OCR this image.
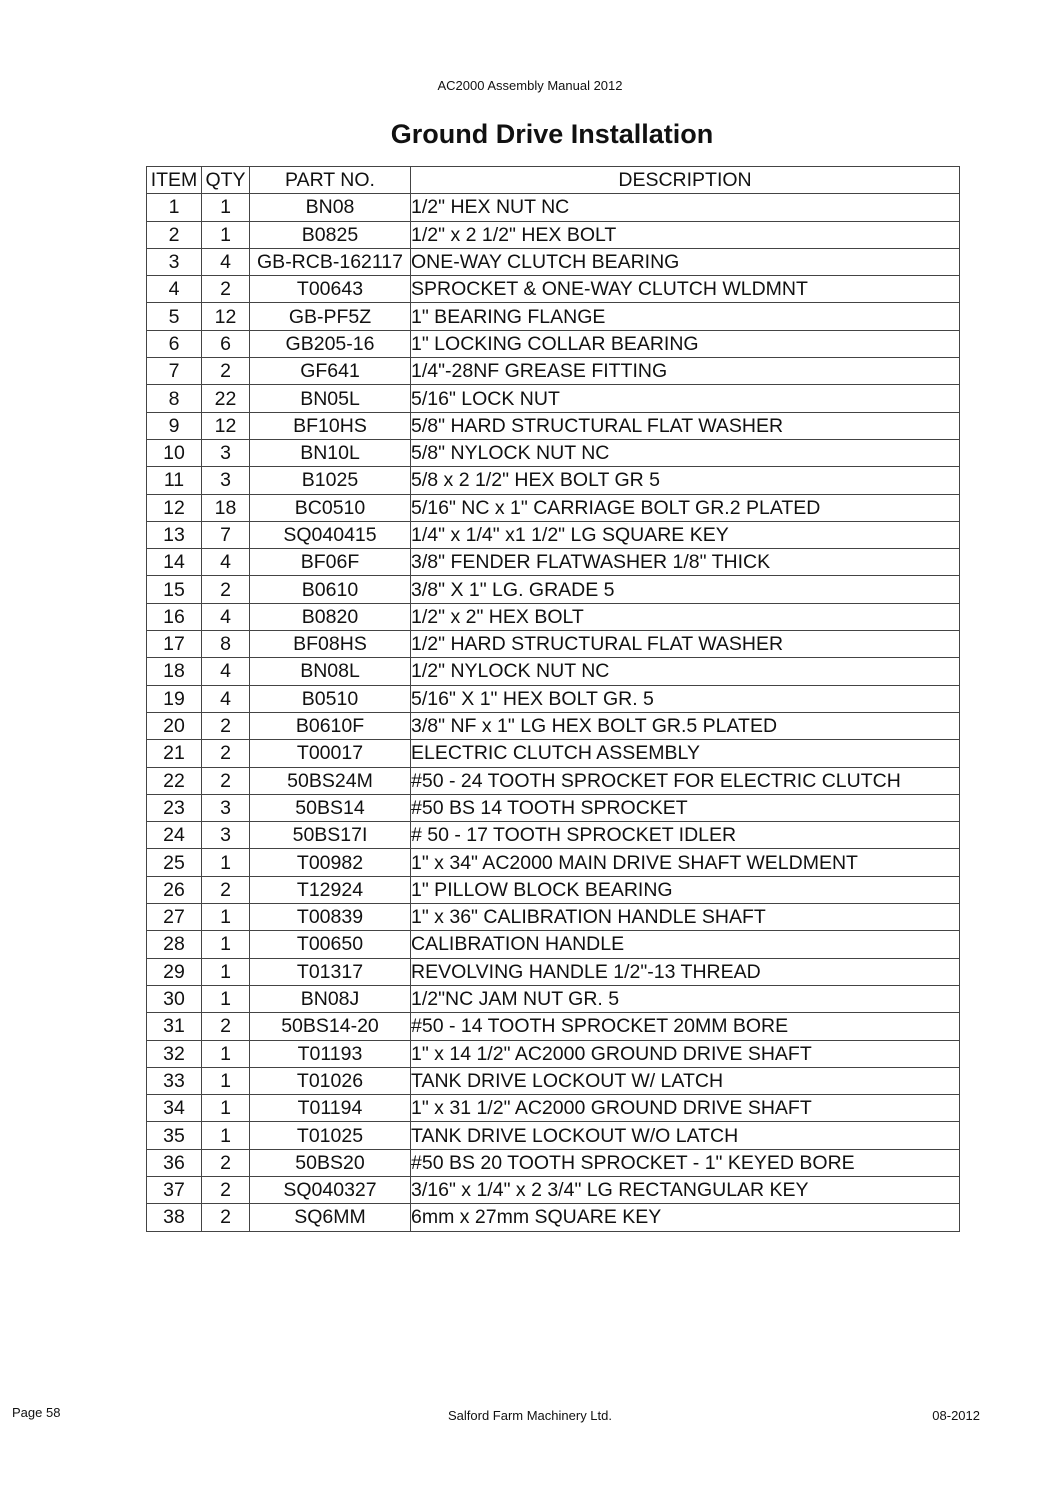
AC2000 Assembly Manual 2012
Ground Drive Installation
ITEM	QTY	PART NO.	DESCRIPTION
1	1	BN08	1/2" HEX NUT NC
2	1	B0825	1/2" x 2 1/2" HEX BOLT
3	4	GB-RCB-162117	ONE-WAY CLUTCH BEARING
4	2	T00643	SPROCKET & ONE-WAY CLUTCH WLDMNT
5	12	GB-PF5Z	1" BEARING FLANGE
6	6	GB205-16	1" LOCKING COLLAR BEARING
7	2	GF641	1/4"-28NF GREASE FITTING
8	22	BN05L	5/16" LOCK NUT
9	12	BF10HS	5/8" HARD STRUCTURAL FLAT WASHER
10	3	BN10L	5/8" NYLOCK NUT NC
11	3	B1025	5/8 x 2 1/2" HEX BOLT GR 5
12	18	BC0510	5/16" NC x 1" CARRIAGE BOLT GR.2 PLATED
13	7	SQ040415	1/4" x 1/4" x1 1/2" LG SQUARE KEY
14	4	BF06F	3/8" FENDER FLATWASHER 1/8" THICK
15	2	B0610	3/8" X 1" LG. GRADE 5
16	4	B0820	1/2" x 2" HEX BOLT
17	8	BF08HS	1/2" HARD STRUCTURAL FLAT WASHER
18	4	BN08L	1/2" NYLOCK NUT NC
19	4	B0510	5/16" X 1" HEX BOLT GR. 5
20	2	B0610F	3/8" NF x 1" LG HEX BOLT GR.5 PLATED
21	2	T00017	ELECTRIC CLUTCH ASSEMBLY
22	2	50BS24M	#50 - 24 TOOTH SPROCKET FOR ELECTRIC CLUTCH
23	3	50BS14	#50 BS 14 TOOTH SPROCKET
24	3	50BS17I	# 50 - 17 TOOTH SPROCKET IDLER
25	1	T00982	1" x 34" AC2000 MAIN DRIVE SHAFT WELDMENT
26	2	T12924	1" PILLOW BLOCK BEARING
27	1	T00839	1" x 36" CALIBRATION HANDLE SHAFT
28	1	T00650	CALIBRATION HANDLE
29	1	T01317	REVOLVING HANDLE 1/2"-13 THREAD
30	1	BN08J	1/2"NC JAM NUT GR. 5
31	2	50BS14-20	#50 - 14 TOOTH SPROCKET 20MM BORE
32	1	T01193	1" x 14 1/2" AC2000 GROUND DRIVE SHAFT
33	1	T01026	TANK DRIVE LOCKOUT W/ LATCH
34	1	T01194	1" x 31 1/2" AC2000 GROUND DRIVE SHAFT
35	1	T01025	TANK DRIVE LOCKOUT W/O LATCH
36	2	50BS20	#50 BS 20 TOOTH SPROCKET - 1" KEYED BORE
37	2	SQ040327	3/16" x 1/4" x 2 3/4" LG RECTANGULAR KEY
38	2	SQ6MM	6mm x 27mm SQUARE KEY
Page 58	Salford Farm Machinery Ltd.	08-2012
